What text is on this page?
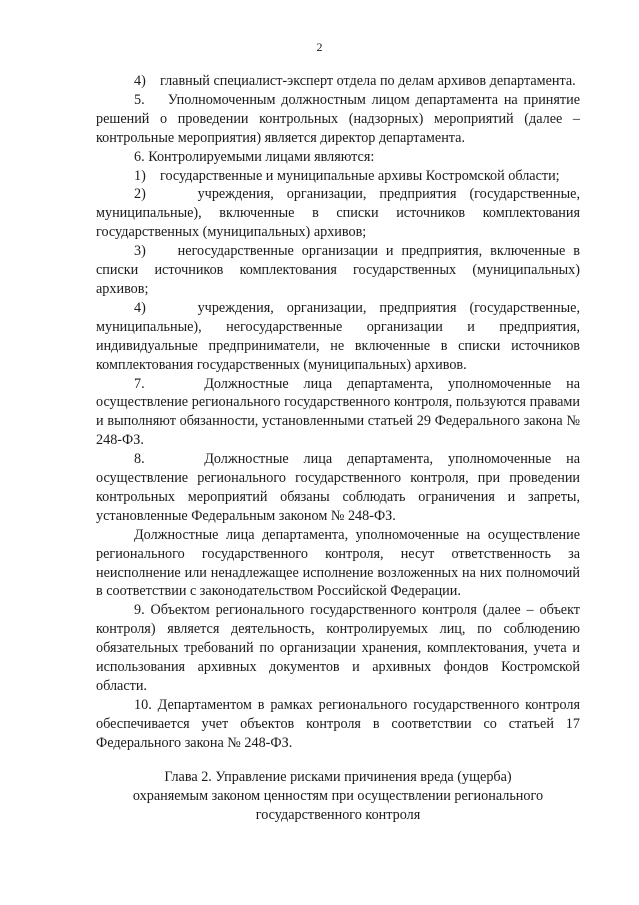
2

4)    главный специалист-эксперт отдела по делам архивов департамента.

5.    Уполномоченным должностным лицом департамента на принятие решений о проведении контрольных (надзорных) мероприятий (далее – контрольные мероприятия) является директор департамента.

6. Контролируемыми лицами являются:

1)    государственные и муниципальные архивы Костромской области;

2)    учреждения, организации, предприятия (государственные, муниципальные), включенные в списки источников комплектования государственных (муниципальных) архивов;

3)    негосударственные организации и предприятия, включенные в списки источников комплектования государственных (муниципальных) архивов;

4)    учреждения, организации, предприятия (государственные, муниципальные), негосударственные организации и предприятия, индивидуальные предприниматели, не включенные в списки источников комплектования государственных (муниципальных) архивов.

7.    Должностные лица департамента, уполномоченные на осуществление регионального государственного контроля, пользуются правами и выполняют обязанности, установленными статьей 29 Федерального закона № 248-ФЗ.

8.    Должностные лица департамента, уполномоченные на осуществление регионального государственного контроля, при проведении контрольных мероприятий обязаны соблюдать ограничения и запреты, установленные Федеральным законом № 248-ФЗ.

Должностные лица департамента, уполномоченные на осуществление регионального государственного контроля, несут ответственность за неисполнение или ненадлежащее исполнение возложенных на них полномочий в соответствии с законодательством Российской Федерации.

9. Объектом регионального государственного контроля (далее – объект контроля) является деятельность, контролируемых лиц, по соблюдению обязательных требований по организации хранения, комплектования, учета и использования архивных документов и архивных фондов Костромской области.

10. Департаментом в рамках регионального государственного контроля обеспечивается учет объектов контроля в соответствии со статьей 17 Федерального закона № 248-ФЗ.

Глава 2. Управление рисками причинения вреда (ущерба)
охраняемым законом ценностям при осуществлении регионального
государственного контроля
